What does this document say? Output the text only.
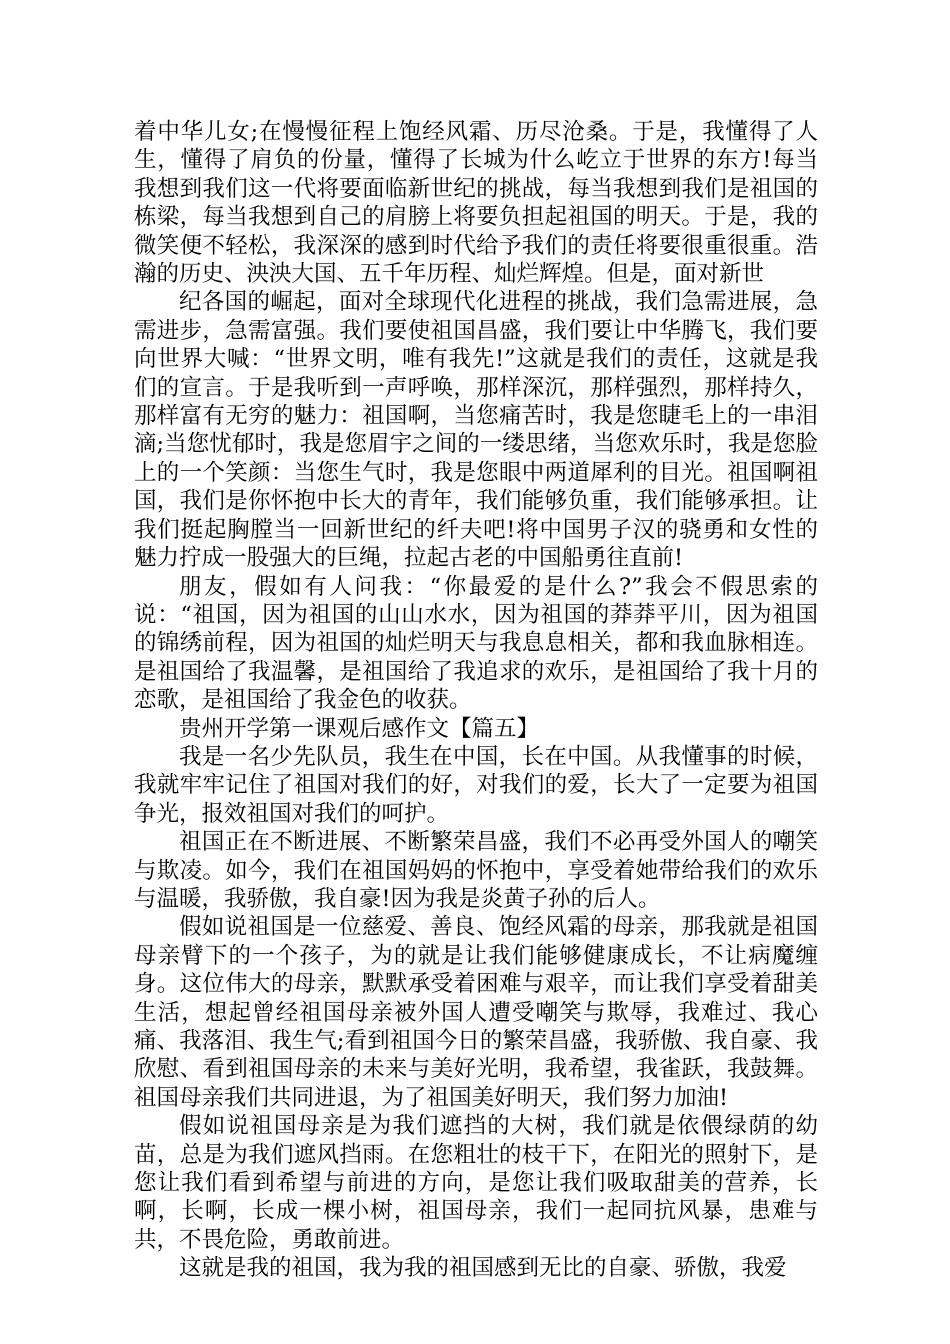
着中华儿女;在慢慢征程上饱经风霜、历尽沧桑。于是，我懂得了人生，懂得了肩负的份量，懂得了长城为什么屹立于世界的东方!每当我想到我们这一代将要面临新世纪的挑战，每当我想到我们是祖国的栋梁，每当我想到自己的肩膀上将要负担起祖国的明天。于是，我的微笑便不轻松，我深深的感到时代给予我们的责任将要很重很重。浩瀚的历史、泱泱大国、五千年历程、灿烂辉煌。但是，面对新世

纪各国的崛起，面对全球现代化进程的挑战，我们急需进展，急需进步，急需富强。我们要使祖国昌盛，我们要让中华腾飞，我们要向世界大喊：“世界文明，唯有我先!”这就是我们的责任，这就是我们的宣言。于是我听到一声呼唤，那样深沉，那样强烈，那样持久，那样富有无穷的魅力：祖国啊，当您痛苦时，我是您睫毛上的一串泪滴;当您忧郁时，我是您眉宇之间的一缕思绪，当您欢乐时，我是您脸上的一个笑颜：当您生气时，我是您眼中两道犀利的目光。祖国啊祖国，我们是你怀抱中长大的青年，我们能够负重，我们能够承担。让我们挺起胸膛当一回新世纪的纤夫吧!将中国男子汉的骁勇和女性的魅力拧成一股强大的巨绳，拉起古老的中国船勇往直前!

朋友，假如有人问我：“你最爱的是什么?”我会不假思索的说：“祖国，因为祖国的山山水水，因为祖国的莽莽平川，因为祖国的锦绣前程，因为祖国的灿烂明天与我息息相关，都和我血脉相连。是祖国给了我温馨，是祖国给了我追求的欢乐，是祖国给了我十月的恋歌，是祖国给了我金色的收获。

贵州开学第一课观后感作文【篇五】

我是一名少先队员，我生在中国，长在中国。从我懂事的时候，我就牢牢记住了祖国对我们的好，对我们的爱，长大了一定要为祖国争光，报效祖国对我们的呵护。

祖国正在不断进展、不断繁荣昌盛，我们不必再受外国人的嘲笑与欺凌。如今，我们在祖国妈妈的怀抱中，享受着她带给我们的欢乐与温暖，我骄傲，我自豪!因为我是炎黄子孙的后人。

假如说祖国是一位慈爱、善良、饱经风霜的母亲，那我就是祖国母亲臂下的一个孩子，为的就是让我们能够健康成长，不让病魔缠身。这位伟大的母亲，默默承受着困难与艰辛，而让我们享受着甜美生活，想起曾经祖国母亲被外国人遭受嘲笑与欺辱，我难过、我心痛、我落泪、我生气;看到祖国今日的繁荣昌盛，我骄傲、我自豪、我欣慰、看到祖国母亲的未来与美好光明，我希望，我雀跃，我鼓舞。祖国母亲我们共同进退，为了祖国美好明天，我们努力加油!

假如说祖国母亲是为我们遮挡的大树，我们就是依偎绿荫的幼苗，总是为我们遮风挡雨。在您粗壮的枝干下，在阳光的照射下，是您让我们看到希望与前进的方向，是您让我们吸取甜美的营养，长啊，长啊，长成一棵小树，祖国母亲，我们一起同抗风暴，患难与共，不畏危险，勇敢前进。

这就是我的祖国，我为我的祖国感到无比的自豪、骄傲，我爱
